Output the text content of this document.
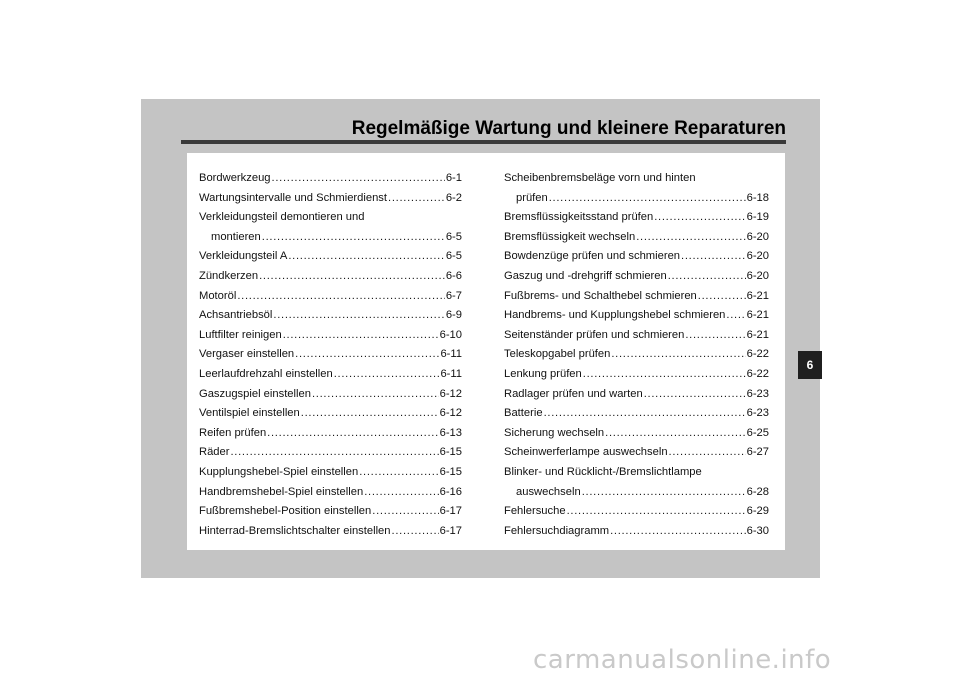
Regelmäßige Wartung und kleinere Reparaturen
Bordwerkzeug . . .	6-1
Wartungsintervalle und Schmierdienst . . .	6-2
Verkleidungsteil demontieren und
montieren . . .	6-5
Verkleidungsteil A . . .	6-5
Zündkerzen . . .	6-6
Motoröl . . .	6-7
Achsantriebsöl . . .	6-9
Luftfilter reinigen . . .	6-10
Vergaser einstellen . . .	6-11
Leerlaufdrehzahl einstellen . . .	6-11
Gaszugspiel einstellen . . .	6-12
Ventilspiel einstellen . . .	6-12
Reifen prüfen . . .	6-13
Räder . . .	6-15
Kupplungshebel-Spiel einstellen . . .	6-15
Handbremshebel-Spiel einstellen . . .	6-16
Fußbremshebel-Position einstellen . . .	6-17
Hinterrad-Bremslichtschalter einstellen . . .	6-17
Scheibenbremsbeläge vorn und hinten
prüfen . . .	6-18
Bremsflüssigkeitsstand prüfen . . .	6-19
Bremsflüssigkeit wechseln . . .	6-20
Bowdenzüge prüfen und schmieren . . .	6-20
Gaszug und -drehgriff schmieren . . .	6-20
Fußbrems- und Schalthebel schmieren . . .	6-21
Handbrems- und Kupplungshebel schmieren . . . 6-21
Seitenständer prüfen und schmieren . . .	6-21
Teleskopgabel prüfen . . .	6-22
Lenkung prüfen . . .	6-22
Radlager prüfen und warten . . .	6-23
Batterie . . .	6-23
Sicherung wechseln . . .	6-25
Scheinwerferlampe auswechseln . . .	6-27
Blinker- und Rücklicht-/Bremslichtlampe
auswechseln . . .	6-28
Fehlersuche . . .	6-29
Fehlersuchdiagramm . . .	6-30
6
carmanualsonline.info
